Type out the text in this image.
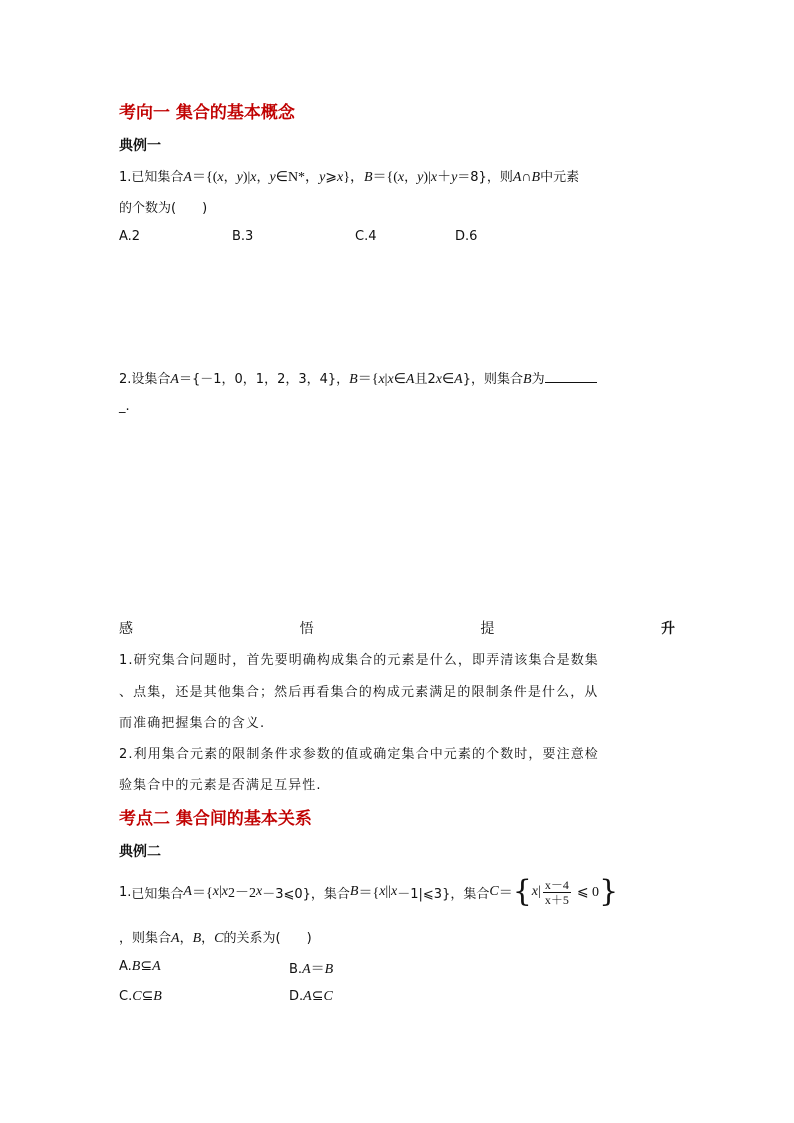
考向一 集合的基本概念
典例一
1.已知集合A＝{(x，y)|x，y∈N*，y⩾x}，B＝{(x，y)|x＋y＝8}，则A∩B中元素
的个数为(　　)
A.2	B.3	C.4	D.6
2.设集合A＝{－1，0，1，2，3，4}，B＝{x|x∈A且2x∈A}，则集合B为
_.
感	悟	提	升
1.研究集合问题时，首先要明确构成集合的元素是什么，即弄清该集合是数集
、点集，还是其他集合；然后再看集合的构成元素满足的限制条件是什么，从
而准确把握集合的含义.
2.利用集合元素的限制条件求参数的值或确定集合中元素的个数时，要注意检
验集合中的元素是否满足互异性.
考点二 集合间的基本关系
典例二
1. 已知集合 A ＝{ x | x 2－2 x －3⩽0}，集合 B ＝{ x || x －1|⩽3}，集合 C ＝ { x | $\frac{x-4}{x+5}$ ⩽ 0 }
，则集合A，B，C的关系为(　　)
A.B⊆A	B.A＝B
C.C⊆B	D.A⊆C
